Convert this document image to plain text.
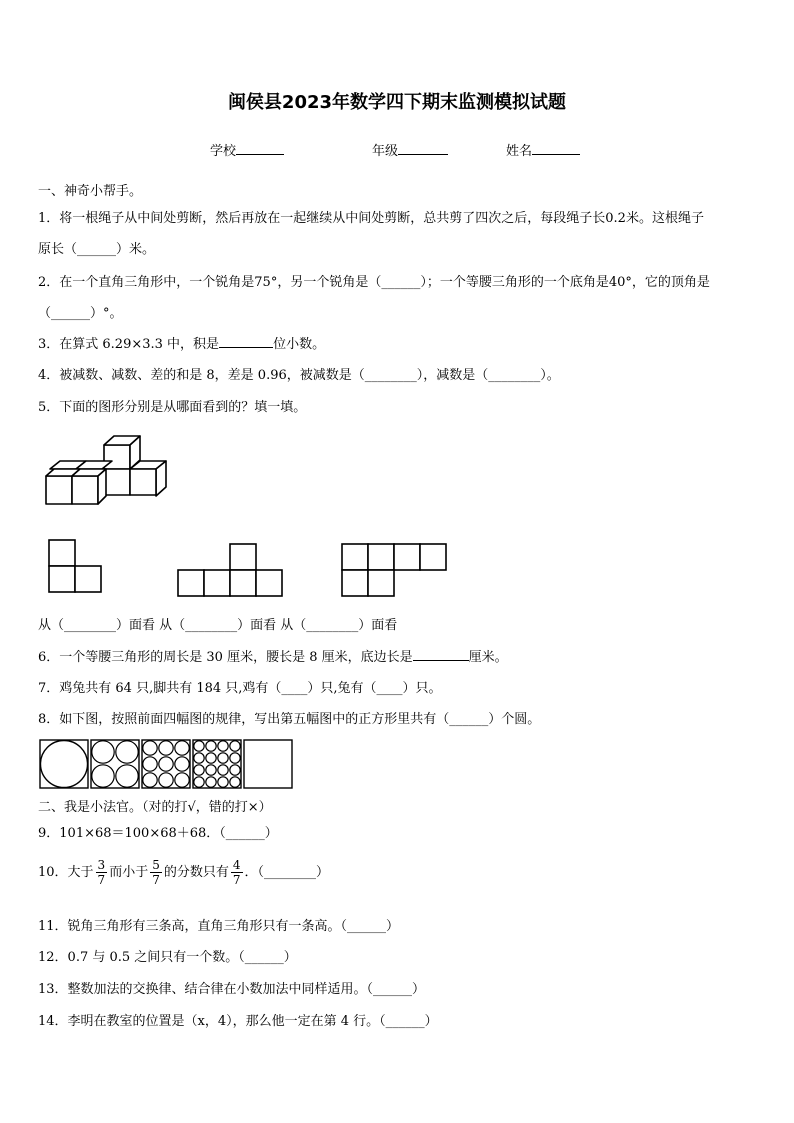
闽侯县2023年数学四下期末监测模拟试题
学校	年级	姓名
一、神奇小帮手。
1．将一根绳子从中间处剪断，然后再放在一起继续从中间处剪断，总共剪了四次之后，每段绳子长0.2米。这根绳子
原长（______）米。
2．在一个直角三角形中，一个锐角是75°，另一个锐角是（______）；一个等腰三角形的一个底角是40°，它的顶角是
（______）°。
3．在算式 6.29×3.3 中，积是	位小数。
4．被减数、减数、差的和是 8，差是 0.96，被减数是（________），减数是（________）。
5．下面的图形分别是从哪面看到的？填一填。
从（________）面看 从（________）面看 从（________）面看
6．一个等腰三角形的周长是 30 厘米，腰长是 8 厘米，底边长是	厘米。
7．鸡兔共有 64 只,脚共有 184 只,鸡有（____）只,兔有（____）只。
8．如下图，按照前面四幅图的规律，写出第五幅图中的正方形里共有（______）个圆。
二、我是小法官。（对的打√，错的打×）
9．101×68＝100×68＋68．（______）
10．大于 $\frac{3}{7}$ 而小于 $\frac{5}{7}$ 的分数只有 $\frac{4}{7}$ ．（________）
11．锐角三角形有三条高，直角三角形只有一条高。（______）
12．0.7 与 0.5 之间只有一个数。（______）
13．整数加法的交换律、结合律在小数加法中同样适用。（______）
14．李明在教室的位置是（x，4），那么他一定在第 4 行。（______）
